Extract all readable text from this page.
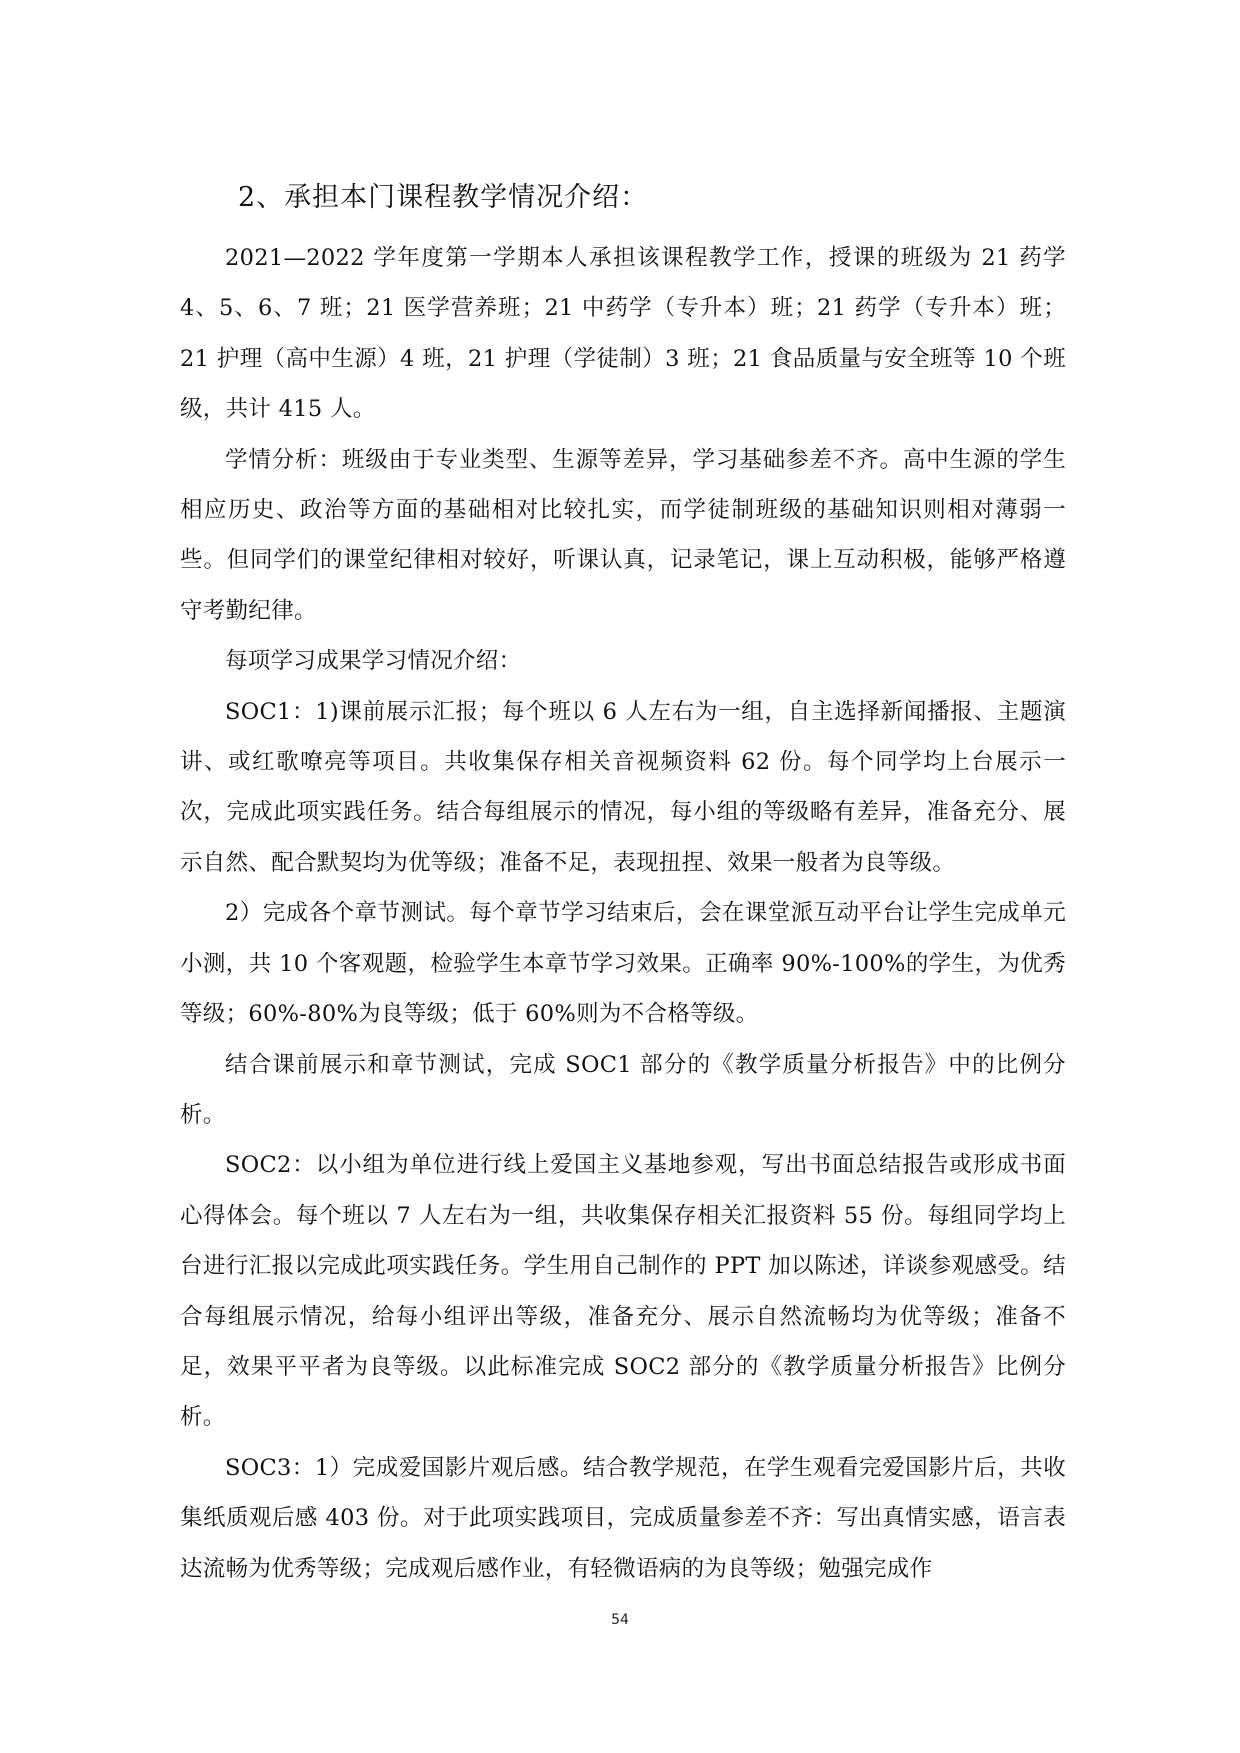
2、承担本门课程教学情况介绍：

2021—2022 学年度第一学期本人承担该课程教学工作，授课的班级为 21 药学 4、5、6、7 班；21 医学营养班；21 中药学（专升本）班；21 药学（专升本）班；21 护理（高中生源）4 班，21 护理（学徒制）3 班；21 食品质量与安全班等 10 个班级，共计 415 人。

学情分析：班级由于专业类型、生源等差异，学习基础参差不齐。高中生源的学生相应历史、政治等方面的基础相对比较扎实，而学徒制班级的基础知识则相对薄弱一些。但同学们的课堂纪律相对较好，听课认真，记录笔记，课上互动积极，能够严格遵守考勤纪律。

每项学习成果学习情况介绍：

SOC1：1)课前展示汇报；每个班以 6 人左右为一组，自主选择新闻播报、主题演讲、或红歌嘹亮等项目。共收集保存相关音视频资料 62 份。每个同学均上台展示一次，完成此项实践任务。结合每组展示的情况，每小组的等级略有差异，准备充分、展示自然、配合默契均为优等级；准备不足，表现扭捏、效果一般者为良等级。

2）完成各个章节测试。每个章节学习结束后，会在课堂派互动平台让学生完成单元小测，共 10 个客观题，检验学生本章节学习效果。正确率 90%-100%的学生，为优秀等级；60%-80%为良等级；低于 60%则为不合格等级。

结合课前展示和章节测试，完成 SOC1 部分的《教学质量分析报告》中的比例分析。

SOC2：以小组为单位进行线上爱国主义基地参观，写出书面总结报告或形成书面心得体会。每个班以 7 人左右为一组，共收集保存相关汇报资料 55 份。每组同学均上台进行汇报以完成此项实践任务。学生用自己制作的 PPT 加以陈述，详谈参观感受。结合每组展示情况，给每小组评出等级，准备充分、展示自然流畅均为优等级；准备不足，效果平平者为良等级。以此标准完成 SOC2 部分的《教学质量分析报告》比例分析。

SOC3：1）完成爱国影片观后感。结合教学规范，在学生观看完爱国影片后，共收集纸质观后感 403 份。对于此项实践项目，完成质量参差不齐：写出真情实感，语言表达流畅为优秀等级；完成观后感作业，有轻微语病的为良等级；勉强完成作

54
